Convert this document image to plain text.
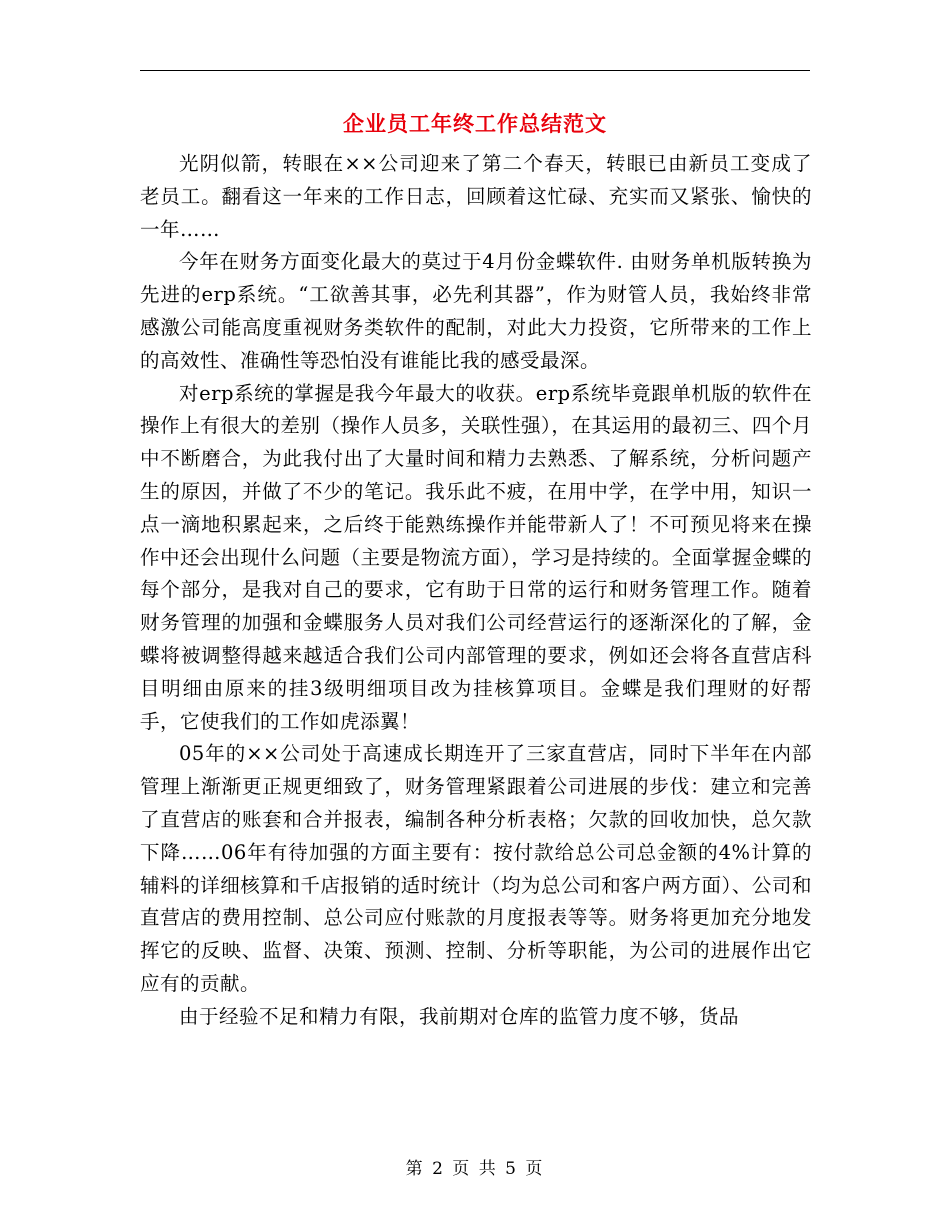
企业员工年终工作总结范文

光阴似箭，转眼在××公司迎来了第二个春天，转眼已由新员工变成了老员工。翻看这一年来的工作日志，回顾着这忙碌、充实而又紧张、愉快的一年……

今年在财务方面变化最大的莫过于4月份金蝶软件. 由财务单机版转换为先进的erp系统。“工欲善其事，必先利其器”，作为财管人员，我始终非常感激公司能高度重视财务类软件的配制，对此大力投资，它所带来的工作上的高效性、准确性等恐怕没有谁能比我的感受最深。

对erp系统的掌握是我今年最大的收获。erp系统毕竟跟单机版的软件在操作上有很大的差别（操作人员多，关联性强），在其运用的最初三、四个月中不断磨合，为此我付出了大量时间和精力去熟悉、了解系统，分析问题产生的原因，并做了不少的笔记。我乐此不疲，在用中学，在学中用，知识一点一滴地积累起来，之后终于能熟练操作并能带新人了！不可预见将来在操作中还会出现什么问题（主要是物流方面），学习是持续的。全面掌握金蝶的每个部分，是我对自己的要求，它有助于日常的运行和财务管理工作。随着财务管理的加强和金蝶服务人员对我们公司经营运行的逐渐深化的了解，金蝶将被调整得越来越适合我们公司内部管理的要求，例如还会将各直营店科目明细由原来的挂3级明细项目改为挂核算项目。金蝶是我们理财的好帮手，它使我们的工作如虎添翼！

05年的××公司处于高速成长期连开了三家直营店，同时下半年在内部管理上渐渐更正规更细致了，财务管理紧跟着公司进展的步伐：建立和完善了直营店的账套和合并报表，编制各种分析表格；欠款的回收加快，总欠款下降……06年有待加强的方面主要有：按付款给总公司总金额的4%计算的辅料的详细核算和千店报销的适时统计（均为总公司和客户两方面）、公司和直营店的费用控制、总公司应付账款的月度报表等等。财务将更加充分地发挥它的反映、监督、决策、预测、控制、分析等职能，为公司的进展作出它应有的贡献。

由于经验不足和精力有限，我前期对仓库的监管力度不够，货品

第 2 页 共 5 页
